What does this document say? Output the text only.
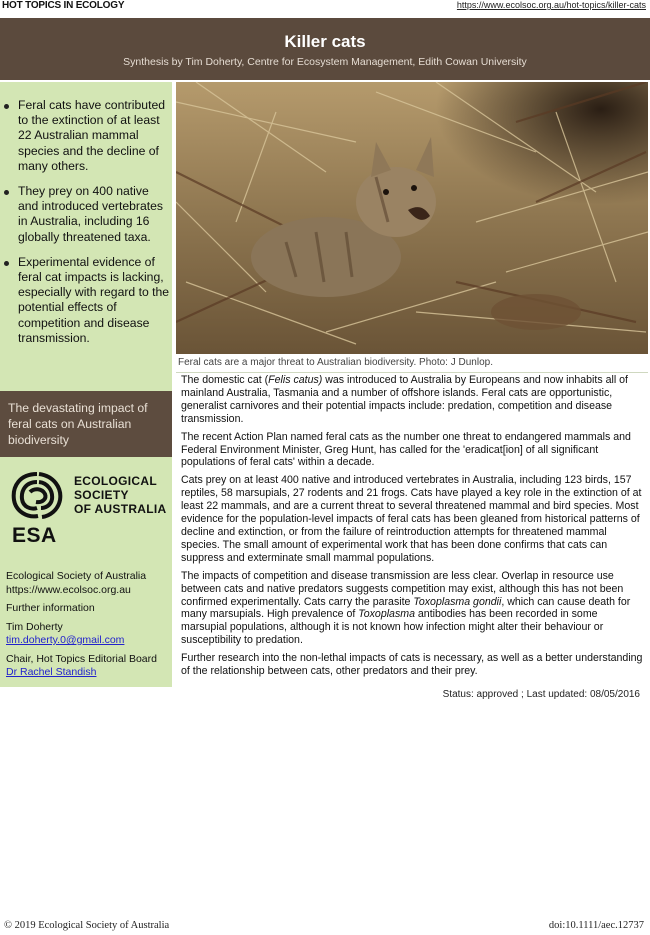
HOT TOPICS IN ECOLOGY	https://www.ecolsoc.org.au/hot-topics/killer-cats
Killer cats
Synthesis by Tim Doherty, Centre for Ecosystem Management, Edith Cowan University
Feral cats have contributed to the extinction of at least 22 Australian mammal species and the decline of many others.
They prey on 400 native and introduced vertebrates in Australia, including 16 globally threatened taxa.
Experimental evidence of feral cat impacts is lacking, especially with regard to the potential effects of competition and disease transmission.
The devastating impact of feral cats on Australian biodiversity
ECOLOGICAL
SOCIETY
OF AUSTRALIA
ESA
Ecological Society of Australia
https://www.ecolsoc.org.au
Further information
Tim Doherty
tim.doherty.0@gmail.com
Chair, Hot Topics Editorial Board
Dr Rachel Standish
Feral cats are a major threat to Australian biodiversity. Photo: J Dunlop.

The domestic cat (Felis catus) was introduced to Australia by Europeans and now inhabits all of mainland Australia, Tasmania and a number of offshore islands. Feral cats are opportunistic, generalist carnivores and their potential impacts include: predation, competition and disease transmission.

The recent Action Plan named feral cats as the number one threat to endangered mammals and Federal Environment Minister, Greg Hunt, has called for the 'eradicat[ion] of all significant populations of feral cats' within a decade.

Cats prey on at least 400 native and introduced vertebrates in Australia, including 123 birds, 157 reptiles, 58 marsupials, 27 rodents and 21 frogs. Cats have played a key role in the extinction of at least 22 mammals, and are a current threat to several threatened mammal and bird species. Most evidence for the population-level impacts of feral cats has been gleaned from historical patterns of decline and extinction, or from the failure of reintroduction attempts for threatened mammal species. The small amount of experimental work that has been done confirms that cats can suppress and exterminate small mammal populations.

The impacts of competition and disease transmission are less clear. Overlap in resource use between cats and native predators suggests competition may exist, although this has not been confirmed experimentally. Cats carry the parasite Toxoplasma gondii, which can cause death for many marsupials. High prevalence of Toxoplasma antibodies has been recorded in some marsupial populations, although it is not known how infection might alter their behaviour or susceptibility to predation.

Further research into the non-lethal impacts of cats is necessary, as well as a better understanding of the relationship between cats, other predators and their prey.

Status: approved ; Last updated: 08/05/2016
© 2019 Ecological Society of Australia	doi:10.1111/aec.12737
